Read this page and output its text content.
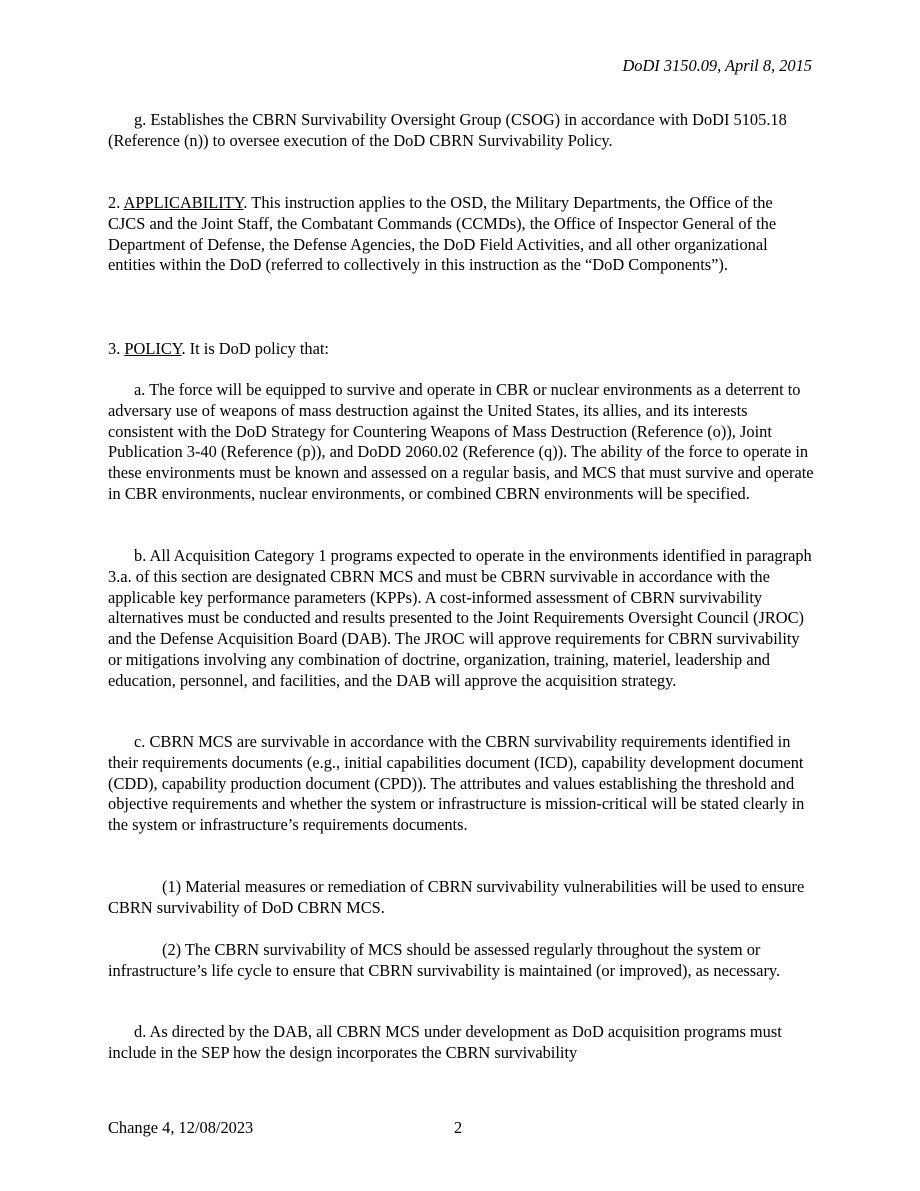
DoDI 3150.09, April 8, 2015

g. Establishes the CBRN Survivability Oversight Group (CSOG) in accordance with DoDI 5105.18 (Reference (n)) to oversee execution of the DoD CBRN Survivability Policy.

2. APPLICABILITY. This instruction applies to the OSD, the Military Departments, the Office of the CJCS and the Joint Staff, the Combatant Commands (CCMDs), the Office of Inspector General of the Department of Defense, the Defense Agencies, the DoD Field Activities, and all other organizational entities within the DoD (referred to collectively in this instruction as the “DoD Components”).

3. POLICY. It is DoD policy that:

a. The force will be equipped to survive and operate in CBR or nuclear environments as a deterrent to adversary use of weapons of mass destruction against the United States, its allies, and its interests consistent with the DoD Strategy for Countering Weapons of Mass Destruction (Reference (o)), Joint Publication 3-40 (Reference (p)), and DoDD 2060.02 (Reference (q)). The ability of the force to operate in these environments must be known and assessed on a regular basis, and MCS that must survive and operate in CBR environments, nuclear environments, or combined CBRN environments will be specified.

b. All Acquisition Category 1 programs expected to operate in the environments identified in paragraph 3.a. of this section are designated CBRN MCS and must be CBRN survivable in accordance with the applicable key performance parameters (KPPs). A cost-informed assessment of CBRN survivability alternatives must be conducted and results presented to the Joint Requirements Oversight Council (JROC) and the Defense Acquisition Board (DAB). The JROC will approve requirements for CBRN survivability or mitigations involving any combination of doctrine, organization, training, materiel, leadership and education, personnel, and facilities, and the DAB will approve the acquisition strategy.

c. CBRN MCS are survivable in accordance with the CBRN survivability requirements identified in their requirements documents (e.g., initial capabilities document (ICD), capability development document (CDD), capability production document (CPD)). The attributes and values establishing the threshold and objective requirements and whether the system or infrastructure is mission-critical will be stated clearly in the system or infrastructure’s requirements documents.

(1) Material measures or remediation of CBRN survivability vulnerabilities will be used to ensure CBRN survivability of DoD CBRN MCS.

(2) The CBRN survivability of MCS should be assessed regularly throughout the system or infrastructure’s life cycle to ensure that CBRN survivability is maintained (or improved), as necessary.

d. As directed by the DAB, all CBRN MCS under development as DoD acquisition programs must include in the SEP how the design incorporates the CBRN survivability

Change 4, 12/08/2023	2
